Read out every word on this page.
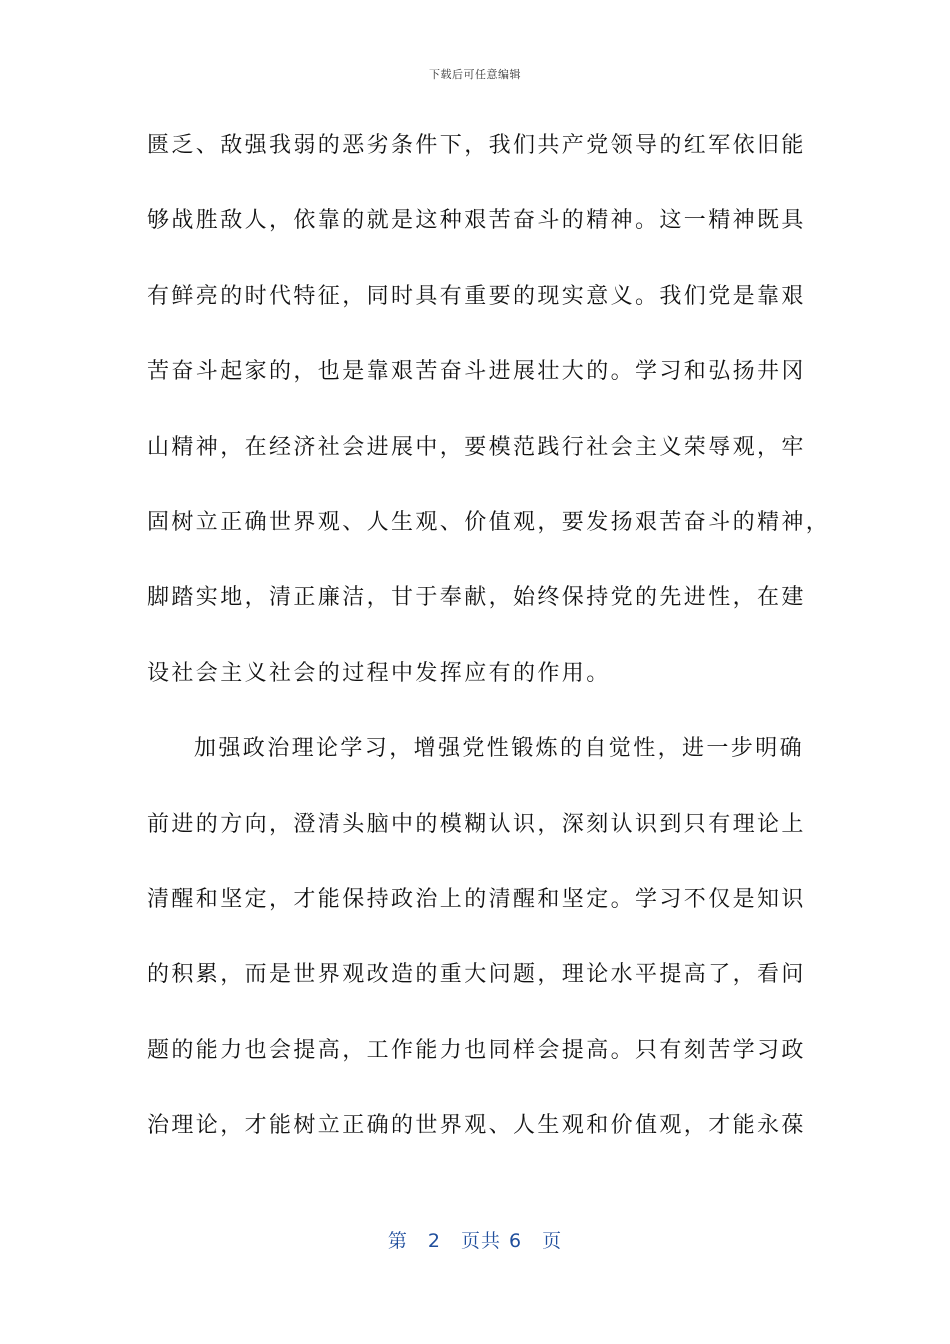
下载后可任意编辑
匮乏、敌强我弱的恶劣条件下，我们共产党领导的红军依旧能
够战胜敌人，依靠的就是这种艰苦奋斗的精神。这一精神既具
有鲜亮的时代特征，同时具有重要的现实意义。我们党是靠艰
苦奋斗起家的，也是靠艰苦奋斗进展壮大的。学习和弘扬井冈
山精神，在经济社会进展中，要模范践行社会主义荣辱观，牢
固树立正确世界观、人生观、价值观，要发扬艰苦奋斗的精神，
脚踏实地，清正廉洁，甘于奉献，始终保持党的先进性，在建
设社会主义社会的过程中发挥应有的作用。
加强政治理论学习，增强党性锻炼的自觉性，进一步明确
前进的方向，澄清头脑中的模糊认识，深刻认识到只有理论上
清醒和坚定，才能保持政治上的清醒和坚定。学习不仅是知识
的积累，而是世界观改造的重大问题，理论水平提高了，看问
题的能力也会提高，工作能力也同样会提高。只有刻苦学习政
治理论，才能树立正确的世界观、人生观和价值观，才能永葆
第 2 页共 6 页
